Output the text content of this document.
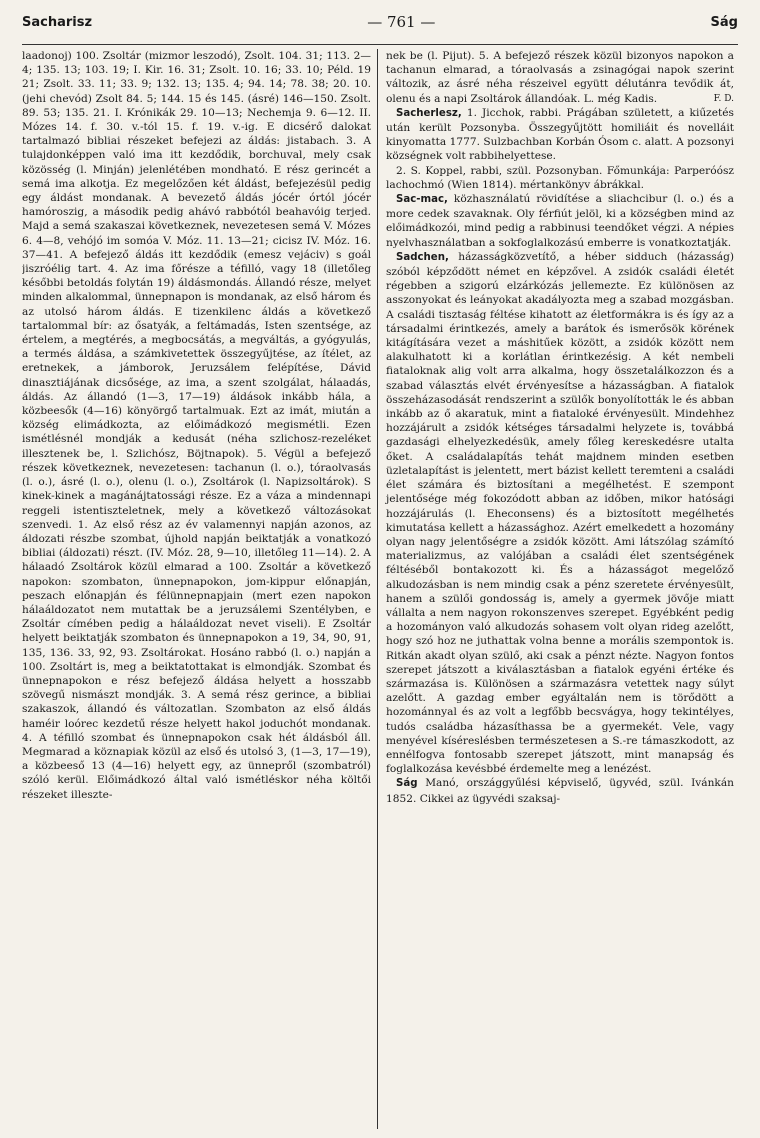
Sacharisz	— 761 —	Ság

laadonoj) 100. Zsoltár (mizmor leszodó), Zsolt. 104. 31; 113. 2—4; 135. 13; 103. 19; I. Kir. 16. 31; Zsolt. 10. 16; 33. 10; Péld. 19 21; Zsolt. 33. 11; 33. 9; 132. 13; 135. 4; 94. 14; 78. 38; 20. 10. (jehi chevód) Zsolt 84. 5; 144. 15 és 145. (ásré) 146—150. Zsolt. 89. 53; 135. 21. I. Krónikák 29. 10—13; Nechemja 9. 6—12. II. Mózes 14. f. 30. v.-tól 15. f. 19. v.-ig. E dicsérő dalokat tartalmazó bibliai részeket befejezi az áldás: jistabach. 3. A tulajdonképpen való ima itt kezdődik, borchuval, mely csak közösség (l. Minján) jelenlétében mondható. E rész gerincét a semá ima alkotja. Ez megelőzően két áldást, befejezésül pedig egy áldást mondanak. A bevezető áldás jócér órtól jócér hamóroszig, a második pedig ahávó rabbótól beahavóig terjed. Majd a semá szakaszai következnek, nevezetesen semá V. Mózes 6. 4—8, vehójó im somóa V. Móz. 11. 13—21; cicisz IV. Móz. 16. 37—41. A befejező áldás itt kezdődik (emesz vejáciv) s goál jiszróélig tart. 4. Az ima főrésze a téfilló, vagy 18 (illetőleg későbbi betoldás folytán 19) áldásmondás. Állandó része, melyet minden alkalommal, ünnepnapon is mondanak, az első három és az utolsó három áldás. E tizenkilenc áldás a következő tartalommal bír: az ősatyák, a feltámadás, Isten szentsége, az értelem, a megtérés, a megbocsátás, a megváltás, a gyógyulás, a termés áldása, a számkivetettek összegyűjtése, az ítélet, az eretnekek, a jámborok, Jeruzsálem felépítése, Dávid dinasztiájának dicsősége, az ima, a szent szolgálat, hálaadás, áldás. Az állandó (1—3, 17—19) áldások inkább hála, a közbeesők (4—16) könyörgő tartalmuak. Ezt az imát, miután a község elimádkozta, az előimádkozó megismétli. Ezen ismétlésnél mondják a kedusát (néha szlichosz-rezeléket illesztenek be, l. Szlichósz, Böjtnapok). 5. Végül a befejező részek következnek, nevezetesen: tachanun (l. o.), tóraolvasás (l. o.), ásré (l. o.), olenu (l. o.), Zsoltárok (l. Napizsoltárok). S kinek-kinek a magánájtatossági része. Ez a váza a mindennapi reggeli istentiszteletnek, mely a következő változásokat szenvedi. 1. Az első rész az év valamennyi napján azonos, az áldozati részbe szombat, újhold napján beiktatják a vonatkozó bibliai (áldozati) részt. (IV. Móz. 28, 9—10, illetőleg 11—14). 2. A hálaadó Zsoltárok közül elmarad a 100. Zsoltár a következő napokon: szombaton, ünnepnapokon, jom-kippur előnapján, peszach előnapján és félünnepnapjain (mert ezen napokon hálaáldozatot nem mutattak be a jeruzsálemi Szentélyben, e Zsoltár címében pedig a hálaáldozat nevet viseli). E Zsoltár helyett beiktatják szombaton és ünnepnapokon a 19, 34, 90, 91, 135, 136. 33, 92, 93. Zsoltárokat. Hosáno rabbó (l. o.) napján a 100. Zsoltárt is, meg a beiktatottakat is elmondják. Szombat és ünnepnapokon e rész befejező áldása helyett a hosszabb szövegű nismászt mondják. 3. A semá rész gerince, a bibliai szakaszok, állandó és változatlan. Szombaton az első áldás haméir loórec kezdetű része helyett hakol joduchót mondanak. 4. A téfilló szombat és ünnepnapokon csak hét áldásból áll. Megmarad a köznapiak közül az első és utolsó 3, (1—3, 17—19), a közbeeső 13 (4—16) helyett egy, az ünnepről (szombatról) szóló kerül. Előimádkozó által való ismétléskor néha költői részeket illeszte-

nek be (l. Pijut). 5. A befejező részek közül bizonyos napokon a tachanun elmarad, a tóraolvasás a zsinagógai napok szerint változik, az ásré néha részeivel együtt délutánra tevődik át, olenu és a napi Zsoltárok állandóak. L. még Kadis.	F. D.

Sacherlesz, 1. Jicchok, rabbi. Prágában született, a kiűzetés után került Pozsonyba. Összegyűjtött homiliáit és novelláit kinyomatta 1777. Sulzbachban Korbán Ósom c. alatt. A pozsonyi községnek volt rabbihelyettese.

2. S. Koppel, rabbi, szül. Pozsonyban. Főmunkája: Parperóósz lachochmó (Wien 1814). mértankönyv ábrákkal.

Sac-mac, közhasználatú rövidítése a sliachcibur (l. o.) és a more cedek szavaknak. Oly férfiút jelöl, ki a községben mind az előimádkozói, mind pedig a rabbinusi teendőket végzi. A népies nyelvhasználatban a sokfoglalkozású emberre is vonatkoztatják.

Sadchen, házasságközvetítő, a héber sidduch (házasság) szóból képződött német en képzővel. A zsidók családi életét régebben a szigorú elzárkózás jellemezte. Ez különösen az asszonyokat és leányokat akadályozta meg a szabad mozgásban. A családi tisztaság féltése kihatott az életformákra is és így az a társadalmi érintkezés, amely a barátok és ismerősök körének kitágítására vezet a máshitűek között, a zsidók között nem alakulhatott ki a korlátlan érintkezésig. A két nembeli fiataloknak alig volt arra alkalma, hogy összetalálkozzon és a szabad választás elvét érvényesítse a házasságban. A fiatalok összeházasodását rendszerint a szülők bonyolították le és abban inkább az ő akaratuk, mint a fiataloké érvényesült. Mindehhez hozzájárult a zsidók kétséges társadalmi helyzete is, továbbá gazdasági elhelyezkedésük, amely főleg kereskedésre utalta őket. A családalapítás tehát majdnem minden esetben üzletalapítást is jelentett, mert bázist kellett teremteni a családi élet számára és biztosítani a megélhetést. E szempont jelentősége még fokozódott abban az időben, mikor hatósági hozzájárulás (l. Eheconsens) és a biztosított megélhetés kimutatása kellett a házassághoz. Azért emelkedett a hozomány olyan nagy jelentőségre a zsidók között. Ami látszólag számító materializmus, az valójában a családi élet szentségének féltéséből bontakozott ki. És a házasságot megelőző alkudozásban is nem mindig csak a pénz szeretete érvényesült, hanem a szülői gondosság is, amely a gyermek jövője miatt vállalta a nem nagyon rokonszenves szerepet. Egyébként pedig a hozományon való alkudozás sohasem volt olyan rideg azelőtt, hogy szó hoz ne juthattak volna benne a morális szempontok is. Ritkán akadt olyan szülő, aki csak a pénzt nézte. Nagyon fontos szerepet játszott a kiválasztásban a fiatalok egyéni értéke és származása is. Különösen a származásra vetettek nagy súlyt azelőtt. A gazdag ember egyáltalán nem is törődött a hozománnyal és az volt a legfőbb becsvágya, hogy tekintélyes, tudós családba házasíthassa be a gyermekét. Vele, vagy menyével kíséreslésben természetesen a S.-re támaszkodott, az ennélfogva fontosabb szerepet játszott, mint manapság és foglalkozása kevésbbé érdemelte meg a lenézést.

Ság Manó, országgyűlési képviselő, ügyvéd, szül. Ivánkán 1852. Cikkei az ügyvédi szaksaj-
